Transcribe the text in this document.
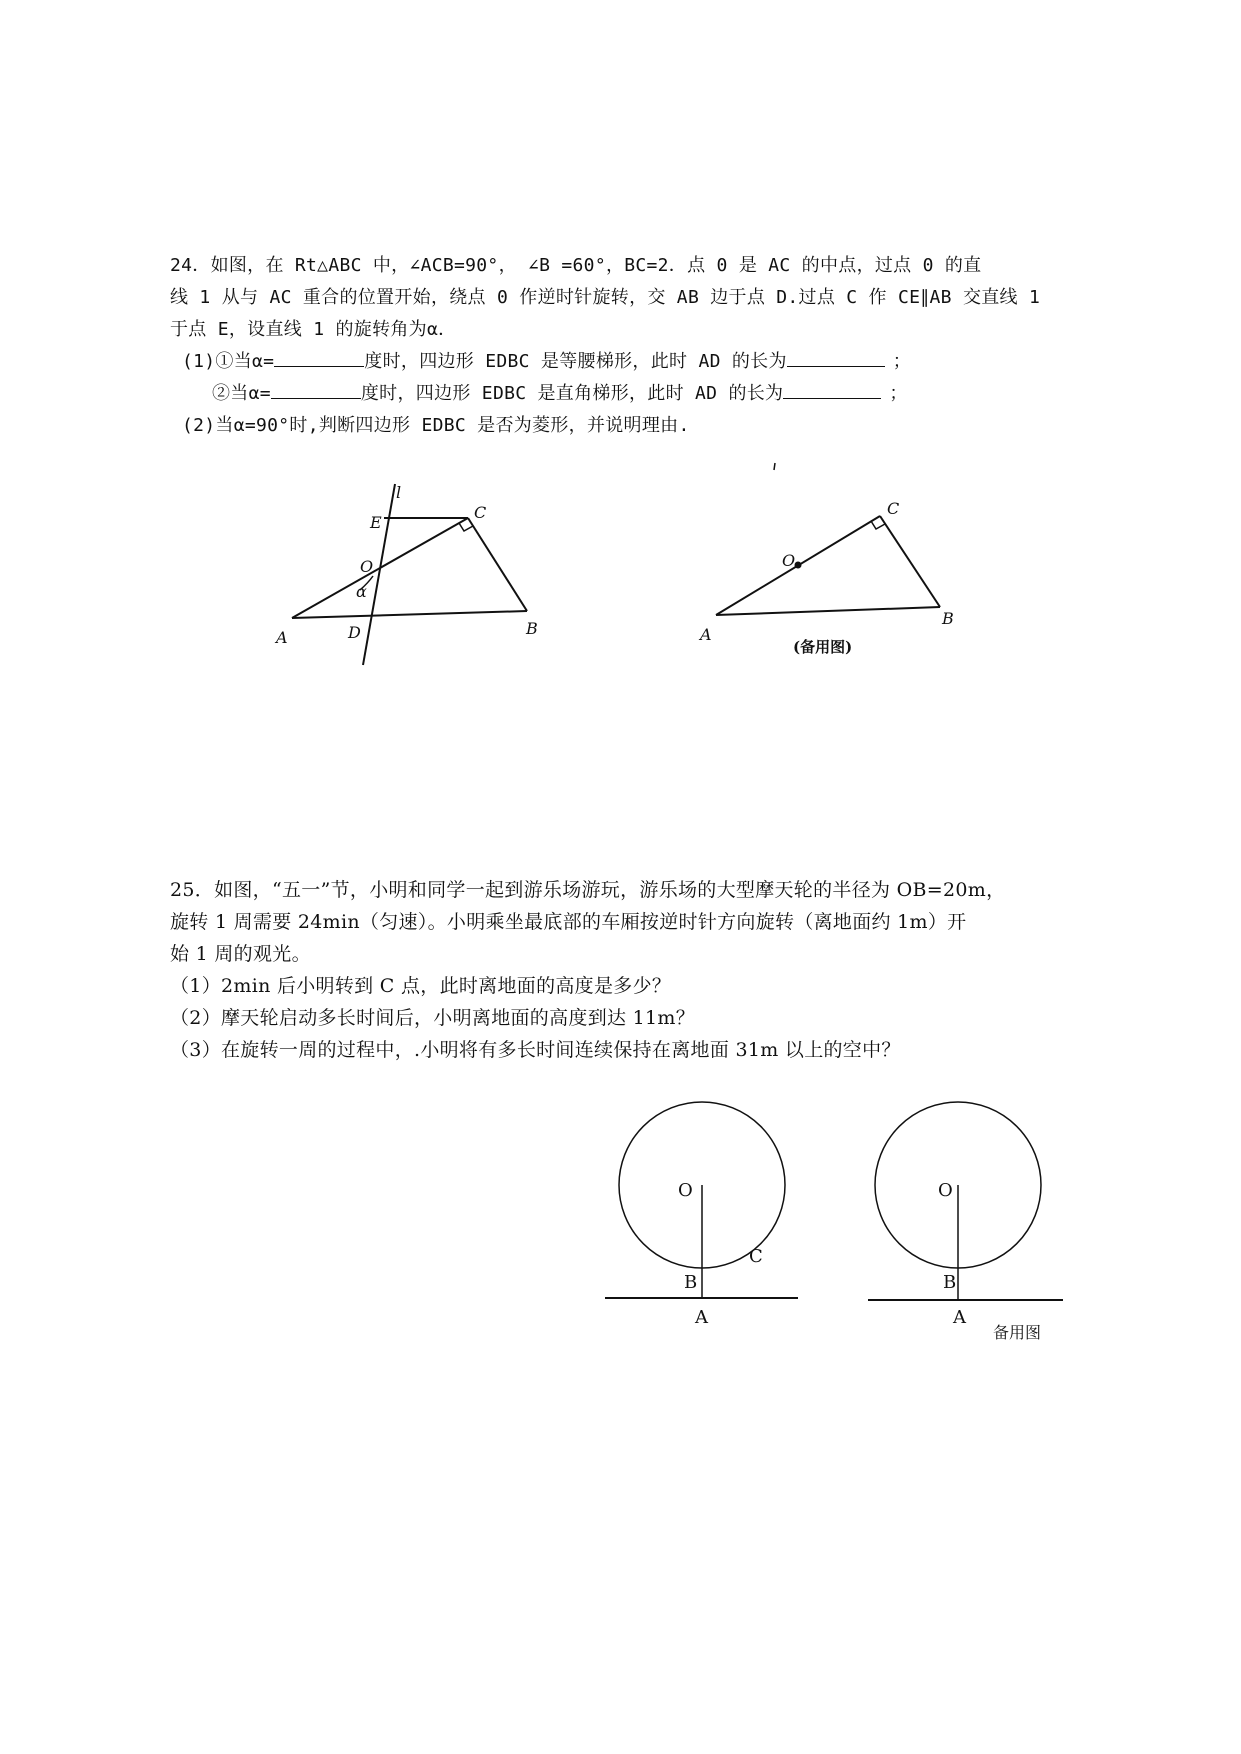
24．如图，在 Rt△ABC 中，∠ACB=90°， ∠B =60°，BC=2．点 0 是 AC 的中点，过点 0 的直
线 1 从与 AC 重合的位置开始，绕点 0 作逆时针旋转，交 AB 边于点 D.过点 C 作 CE∥AB 交直线 1
于点 E，设直线 1 的旋转角为α．
(1)①当α=	度时，四边形 EDBC 是等腰梯形，此时 AD 的长为	；
②当α=	度时，四边形 EDBC 是直角梯形，此时 AD 的长为	；
(2)当α=90°时,判断四边形 EDBC 是否为菱形，并说明理由.
l
E
C
O
α
A	D	B
C
O
A
B
(备用图)
25．如图，“五一”节，小明和同学一起到游乐场游玩，游乐场的大型摩天轮的半径为 OB=20m，
旋转 1 周需要 24min（匀速）。小明乘坐最底部的车厢按逆时针方向旋转（离地面约 1m）开
始 1 周的观光。
（1）2min 后小明转到 C 点，此时离地面的高度是多少？
（2）摩天轮启动多长时间后，小明离地面的高度到达 11m？
（3）在旋转一周的过程中，.小明将有多长时间连续保持在离地面 31m 以上的空中？
O
B
C
A
O
B
A
备用图
